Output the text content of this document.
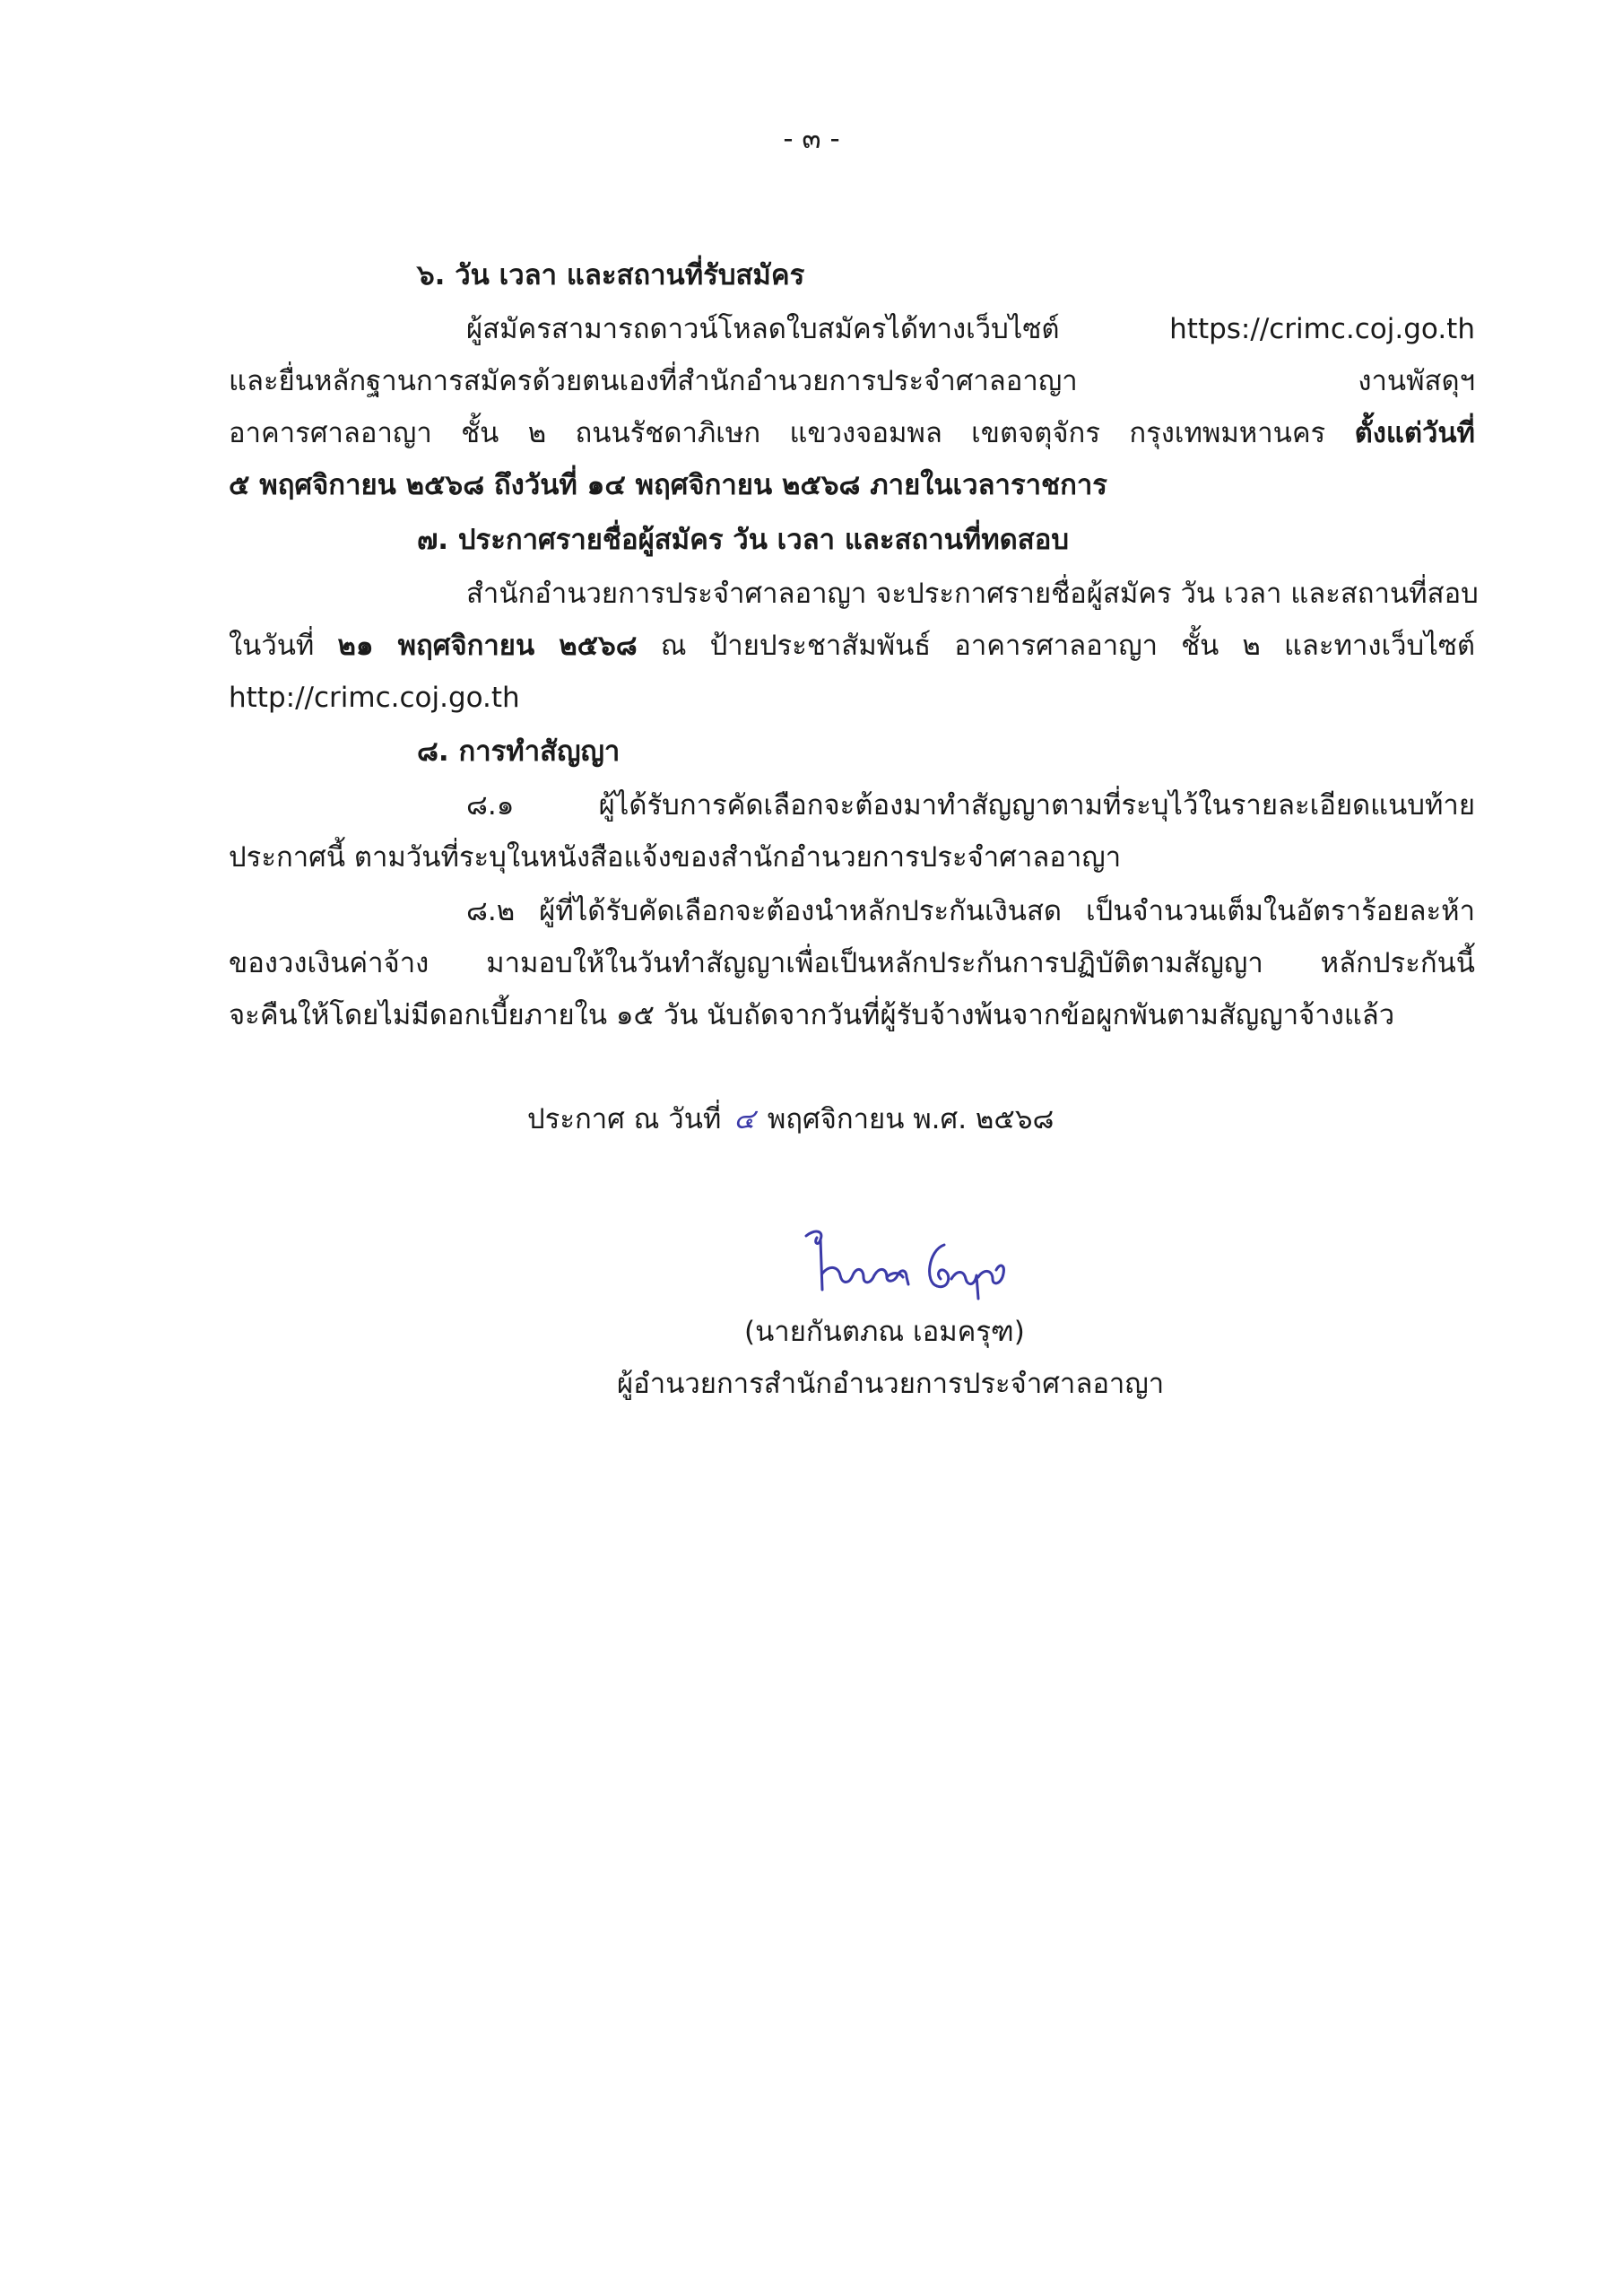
- ๓ -
๖. วัน เวลา และสถานที่รับสมัคร
ผู้สมัครสามารถดาวน์โหลดใบสมัครได้ทางเว็บไซต์ https://crimc.coj.go.th
และยื่นหลักฐานการสมัครด้วยตนเองที่สำนักอำนวยการประจำศาลอาญา งานพัสดุฯ
อาคารศาลอาญา ชั้น ๒ ถนนรัชดาภิเษก แขวงจอมพล เขตจตุจักร กรุงเทพมหานคร ตั้งแต่วันที่
๕ พฤศจิกายน ๒๕๖๘ ถึงวันที่ ๑๔ พฤศจิกายน ๒๕๖๘ ภายในเวลาราชการ
๗. ประกาศรายชื่อผู้สมัคร วัน เวลา และสถานที่ทดสอบ
สำนักอำนวยการประจำศาลอาญา จะประกาศรายชื่อผู้สมัคร วัน เวลา และสถานที่สอบ
ในวันที่ ๒๑ พฤศจิกายน ๒๕๖๘ ณ ป้ายประชาสัมพันธ์ อาคารศาลอาญา ชั้น ๒ และทางเว็บไซต์
http://crimc.coj.go.th
๘. การทำสัญญา
๘.๑ ผู้ได้รับการคัดเลือกจะต้องมาทำสัญญาตามที่ระบุไว้ในรายละเอียดแนบท้าย
ประกาศนี้ ตามวันที่ระบุในหนังสือแจ้งของสำนักอำนวยการประจำศาลอาญา
๘.๒ ผู้ที่ได้รับคัดเลือกจะต้องนำหลักประกันเงินสด เป็นจำนวนเต็มในอัตราร้อยละห้า
ของวงเงินค่าจ้าง มามอบให้ในวันทำสัญญาเพื่อเป็นหลักประกันการปฏิบัติตามสัญญา หลักประกันนี้
จะคืนให้โดยไม่มีดอกเบี้ยภายใน ๑๕ วัน นับถัดจากวันที่ผู้รับจ้างพ้นจากข้อผูกพันตามสัญญาจ้างแล้ว
ประกาศ ณ วันที่ ๔ พฤศจิกายน พ.ศ. ๒๕๖๘
(นายกันตภณ เอมครุฑ)
ผู้อำนวยการสำนักอำนวยการประจำศาลอาญา
